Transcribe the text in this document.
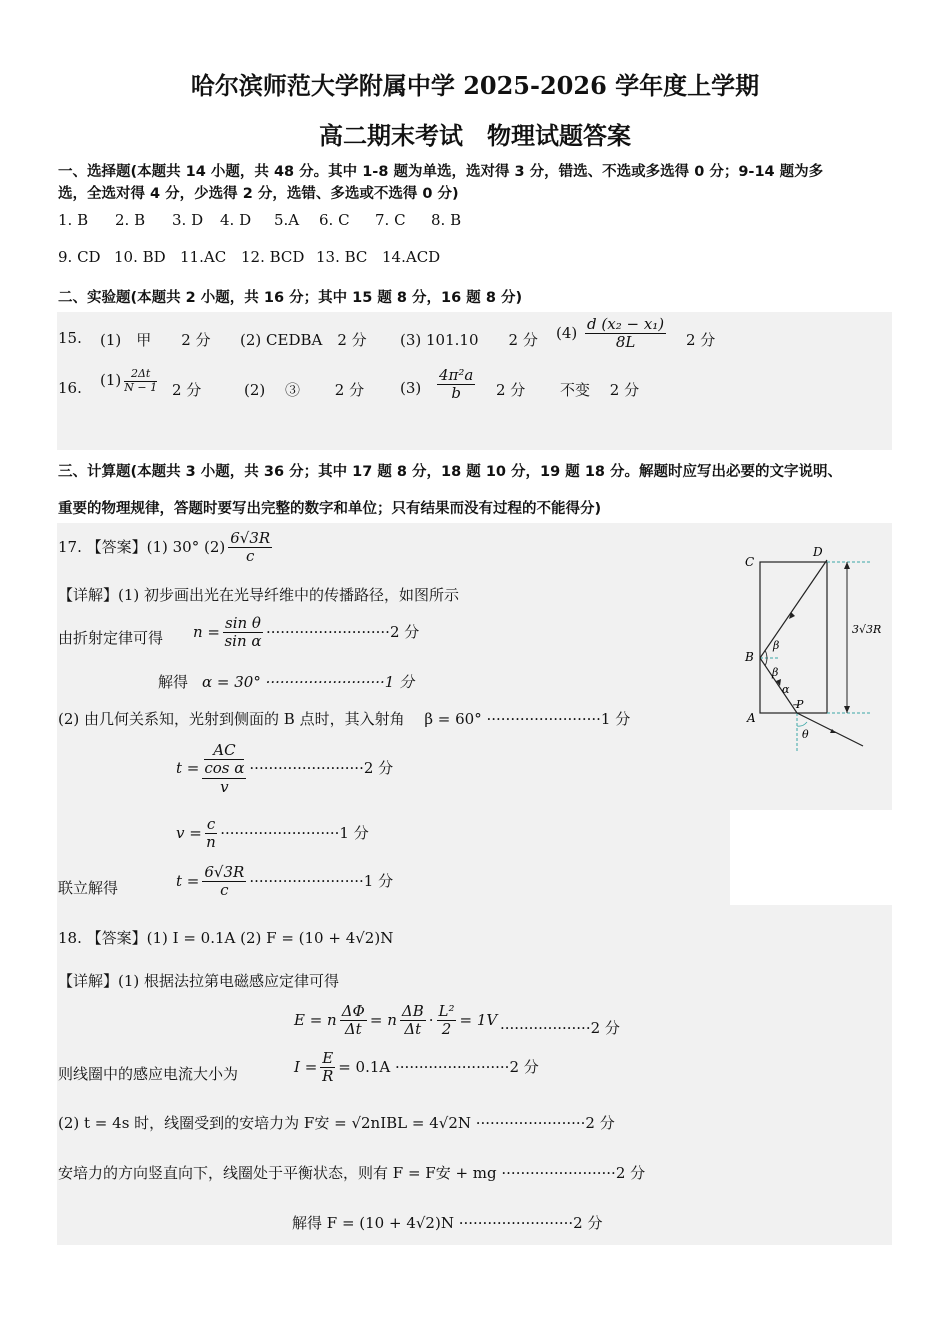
哈尔滨师范大学附属中学 2025-2026 学年度上学期
高二期末考试　物理试题答案
一、选择题(本题共 14 小题，共 48 分。其中 1-8 题为单选，选对得 3 分，错选、不选或多选得 0 分；9-14 题为多
选，全选对得 4 分，少选得 2 分，选错、多选或不选得 0 分)
1. B 2. B 3. D 4. D 5.A 6. C 7. C 8. B
9. CD 10. BD 11.AC 12. BCD 13. BC 14.ACD
二、实验题(本题共 2 小题，共 16 分；其中 15 题 8 分，16 题 8 分)
15. (1)　甲　　2 分 (2) CEDBA　2 分 (3) 101.10　　2 分 $(4) \frac{\text{d (x₂ − x₁)}}{8L} 2$ 分
16. $(1) \frac{2\Delta t}{N - 1} 2$ 分	(2)　 ③　　 2 分 $(3) \frac{\text{4π²a}}{b} 2$ 分 不变　 2 分
三、计算题(本题共 3 小题，共 36 分；其中 17 题 8 分，18 题 10 分，19 题 18 分。解题时应写出必要的文字说明、
重要的物理规律，答题时要写出完整的数字和单位；只有结果而没有过程的不能得分)
17. 【答案】(1) 30° $(2) \frac{6√3R}{c}$
【详解】(1) 初步画出光在光导纤维中的传播路径，如图所示
由折射定律可得 $n = \frac{\text{sin θ}}{\text{sin α}} \cdot\cdot\cdot\cdot\cdot\cdot\cdot\cdot\cdot\cdot\cdot\cdot\cdot\cdot\cdot\cdot\cdot\cdot\cdot\cdot\cdot\cdot\cdot\cdot\cdot\cdot 2$ 分
解得 α = 30° ·························1 分
(2) 由几何关系知，光射到侧面的 B 点时，其入射角　 β = 60° ························1 分
$t = \frac{\frac{AC}{\text{cos α}}}{v} \cdot\cdot\cdot\cdot\cdot\cdot\cdot\cdot\cdot\cdot\cdot\cdot\cdot\cdot\cdot\cdot\cdot\cdot\cdot\cdot\cdot\cdot\cdot\cdot 2$ 分
$v = \frac{c}{n} \cdot\cdot\cdot\cdot\cdot\cdot\cdot\cdot\cdot\cdot\cdot\cdot\cdot\cdot\cdot\cdot\cdot\cdot\cdot\cdot\cdot\cdot\cdot\cdot\cdot 1$ 分
联立解得	$t = \frac{6√3R}{c} \cdot\cdot\cdot\cdot\cdot\cdot\cdot\cdot\cdot\cdot\cdot\cdot\cdot\cdot\cdot\cdot\cdot\cdot\cdot\cdot\cdot\cdot\cdot\cdot 1$ 分
C
D
B
A
P
β
β
α
θ
3√3R
18. 【答案】(1) I = 0.1A (2) F = (10 + 4√2)N
【详解】(1) 根据法拉第电磁感应定律可得
E = n $\frac{\Delta\Phi}{\Delta t} = n \frac{\Delta B}{\Delta t} \cdot \frac{\text{L²}}{2} = 1V \cdot\cdot\cdot\cdot\cdot\cdot\cdot\cdot\cdot\cdot\cdot\cdot\cdot\cdot\cdot\cdot\cdot\cdot\cdot 2$ 分
则线圈中的感应电流大小为	$I = \frac{E}{R} = 0.1A \cdot\cdot\cdot\cdot\cdot\cdot\cdot\cdot\cdot\cdot\cdot\cdot\cdot\cdot\cdot\cdot\cdot\cdot\cdot\cdot\cdot\cdot\cdot\cdot 2$ 分
(2) t = 4s 时，线圈受到的安培力为 F安 = √2nIBL = 4√2N ·······················2 分
安培力的方向竖直向下，线圈处于平衡状态，则有 F = F安 + mg ························2 分
解得 F = (10 + 4√2)N ························2 分
